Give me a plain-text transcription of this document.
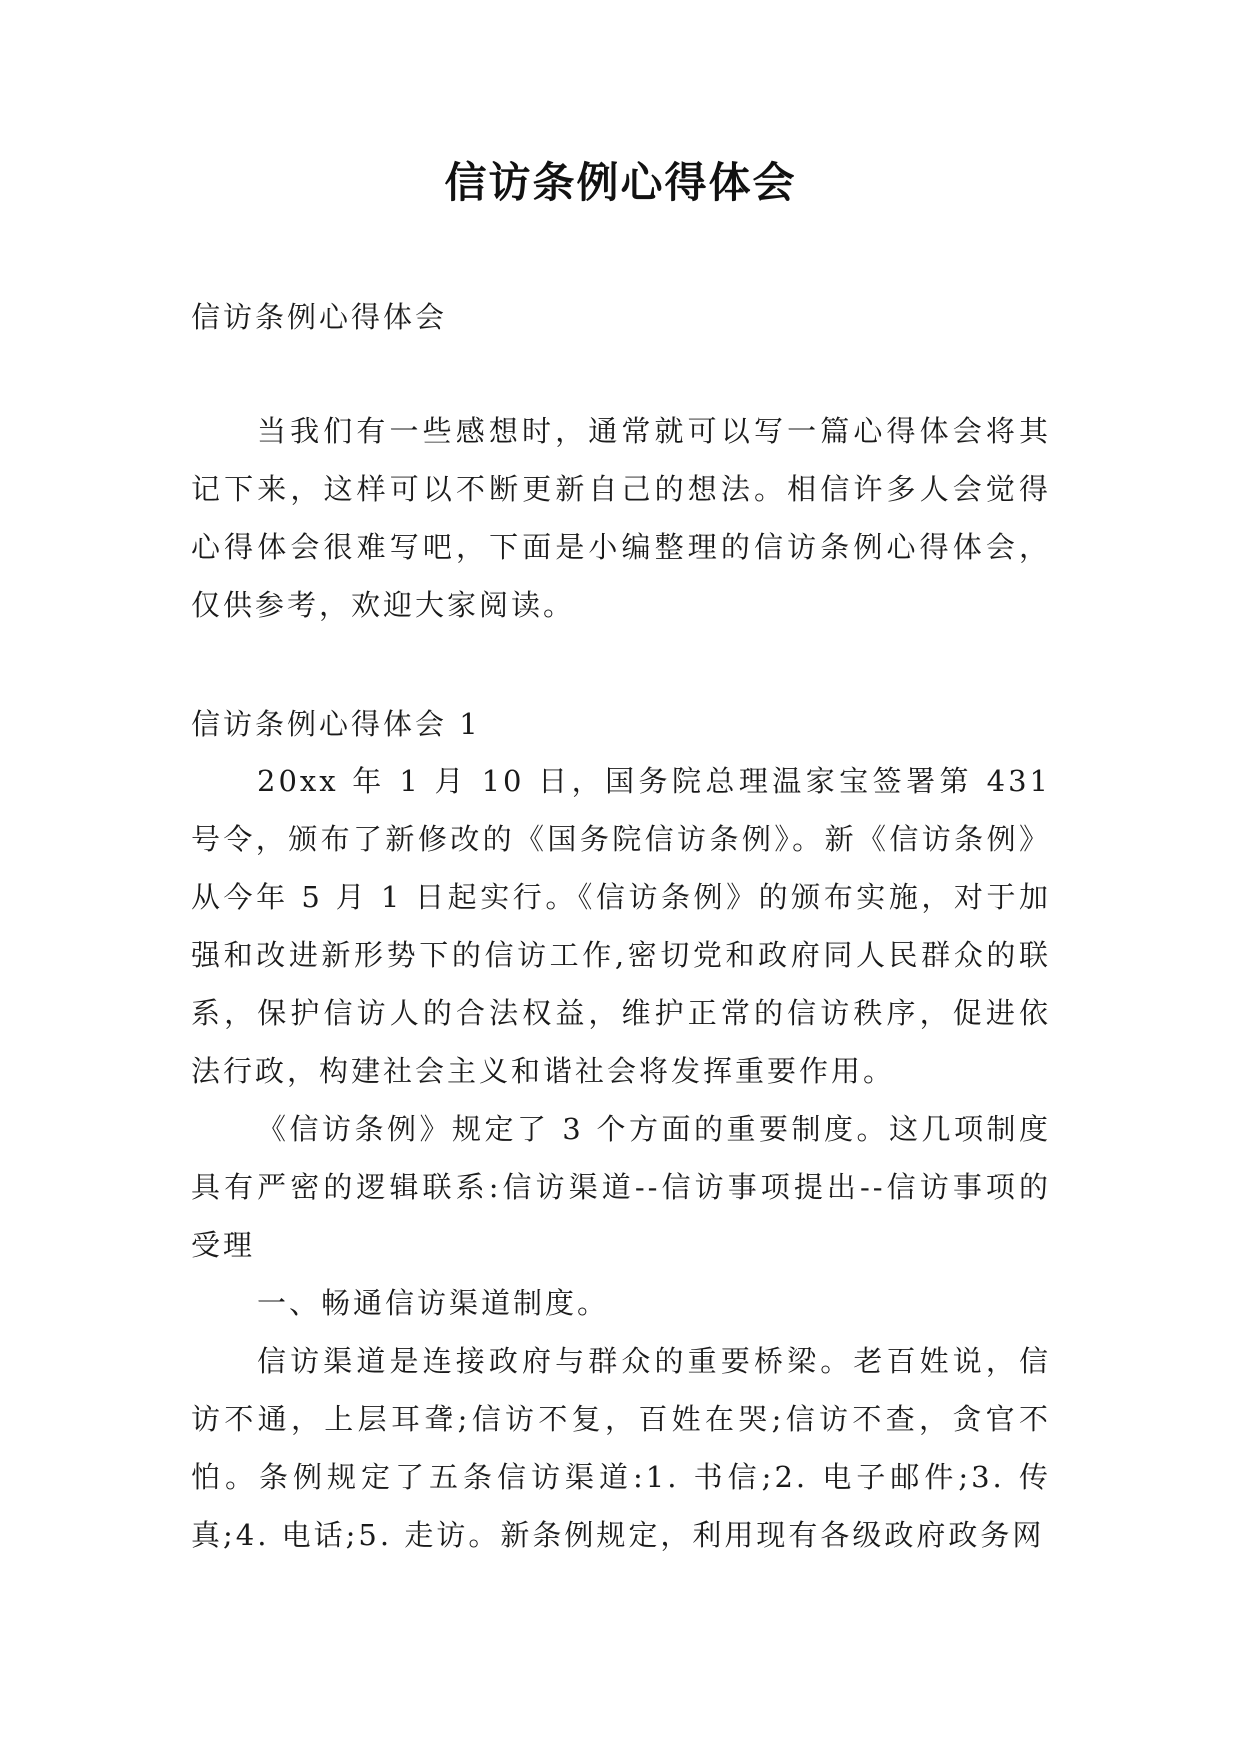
信访条例心得体会
信访条例心得体会
当我们有一些感想时，通常就可以写一篇心得体会将其记下来，这样可以不断更新自己的想法。相信许多人会觉得心得体会很难写吧，下面是小编整理的信访条例心得体会，仅供参考，欢迎大家阅读。
信访条例心得体会 1

20xx 年 1 月 10 日，国务院总理温家宝签署第 431 号令，颁布了新修改的《国务院信访条例》。新《信访条例》从今年 5 月 1 日起实行。《信访条例》的颁布实施，对于加强和改进新形势下的信访工作,密切党和政府同人民群众的联系，保护信访人的合法权益，维护正常的信访秩序，促进依法行政，构建社会主义和谐社会将发挥重要作用。

《信访条例》规定了 3 个方面的重要制度。这几项制度具有严密的逻辑联系:信访渠道--信访事项提出--信访事项的受理

一、畅通信访渠道制度。

信访渠道是连接政府与群众的重要桥梁。老百姓说，信访不通，上层耳聋;信访不复，百姓在哭;信访不查，贪官不怕。条例规定了五条信访渠道:1. 书信;2. 电子邮件;3. 传真;4. 电话;5. 走访。新条例规定，利用现有各级政府政务网
